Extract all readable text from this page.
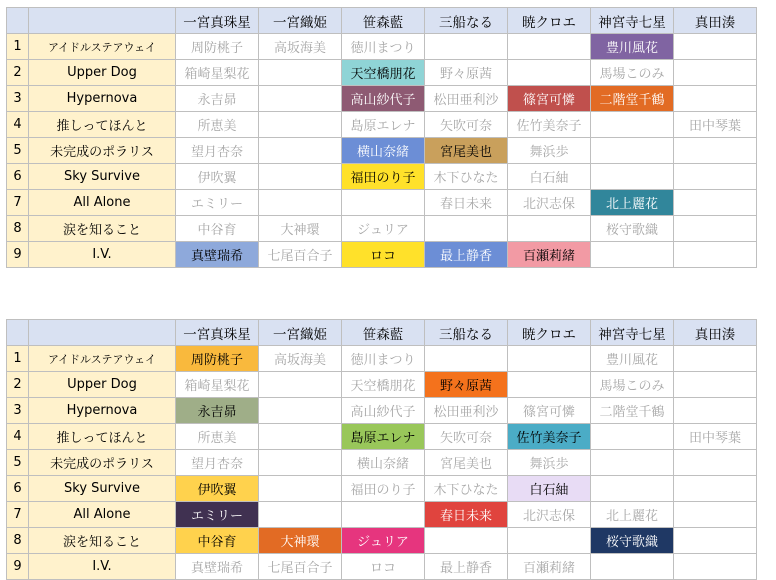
		一宮真珠星	一宮織姫	笹森藍	三船なる	暁クロエ	神宮寺七星	真田湊
1	アイドルステアウェイ	周防桃子	高坂海美	徳川まつり			豊川風花	
2	Upper Dog	箱崎星梨花		天空橋朋花	野々原茜		馬場このみ	
3	Hypernova	永吉昴		高山紗代子	松田亜利沙	篠宮可憐	二階堂千鶴	
4	推しってほんと	所恵美		島原エレナ	矢吹可奈	佐竹美奈子		田中琴葉
5	未完成のポラリス	望月杏奈		横山奈緒	宮尾美也	舞浜歩		
6	Sky Survive	伊吹翼		福田のり子	木下ひなた	白石紬		
7	All Alone	エミリー			春日未来	北沢志保	北上麗花	
8	涙を知ること	中谷育	大神環	ジュリア			桜守歌織	
9	I.V.	真壁瑞希	七尾百合子	ロコ	最上静香	百瀬莉緒		
		一宮真珠星	一宮織姫	笹森藍	三船なる	暁クロエ	神宮寺七星	真田湊
1	アイドルステアウェイ	周防桃子	高坂海美	徳川まつり			豊川風花	
2	Upper Dog	箱崎星梨花		天空橋朋花	野々原茜		馬場このみ	
3	Hypernova	永吉昴		高山紗代子	松田亜利沙	篠宮可憐	二階堂千鶴	
4	推しってほんと	所恵美		島原エレナ	矢吹可奈	佐竹美奈子		田中琴葉
5	未完成のポラリス	望月杏奈		横山奈緒	宮尾美也	舞浜歩		
6	Sky Survive	伊吹翼		福田のり子	木下ひなた	白石紬		
7	All Alone	エミリー			春日未来	北沢志保	北上麗花	
8	涙を知ること	中谷育	大神環	ジュリア			桜守歌織	
9	I.V.	真壁瑞希	七尾百合子	ロコ	最上静香	百瀬莉緒		
